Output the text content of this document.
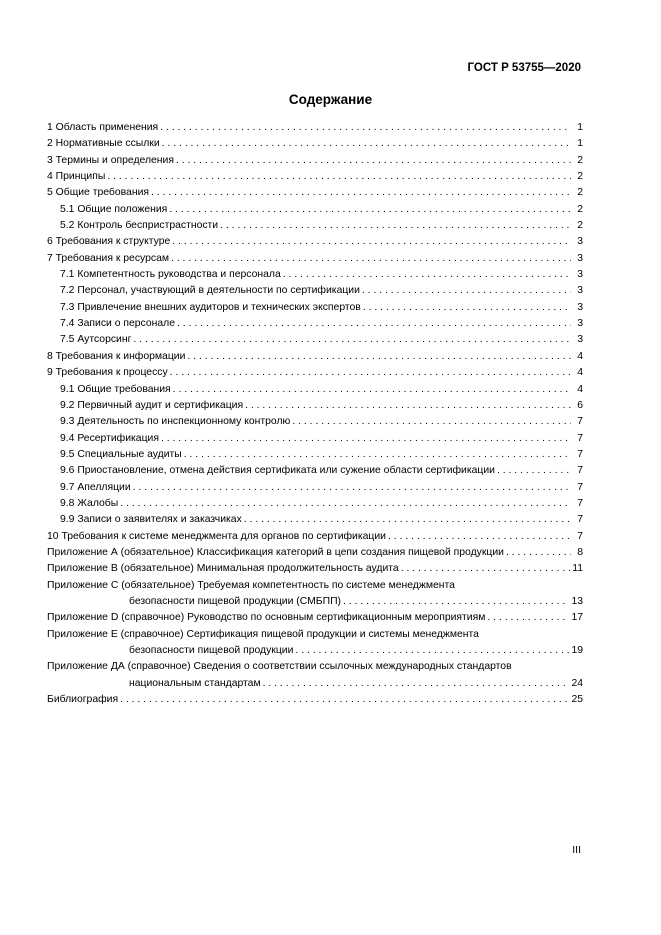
ГОСТ Р 53755—2020
Содержание
1 Область применения . . .	1
2 Нормативные ссылки . . .	1
3 Термины и определения . . .	2
4 Принципы . . .	2
5 Общие требования . . .	2
5.1 Общие положения . . .	2
5.2 Контроль беспристрастности . . .	2
6 Требования к структуре . . .	3
7 Требования к ресурсам . . .	3
7.1 Компетентность руководства и персонала . . .	3
7.2 Персонал, участвующий в деятельности по сертификации . . .	3
7.3 Привлечение внешних аудиторов и технических экспертов . . .	3
7.4 Записи о персонале . . .	3
7.5 Аутсорсинг . . .	3
8 Требования к информации . . .	4
9 Требования к процессу . . .	4
9.1 Общие требования . . .	4
9.2 Первичный аудит и сертификация . . .	6
9.3 Деятельность по инспекционному контролю . . .	7
9.4 Ресертификация . . .	7
9.5 Специальные аудиты . . .	7
9.6 Приостановление, отмена действия сертификата или сужение области сертификации . . .	7
9.7 Апелляции . . .	7
9.8 Жалобы . . .	7
9.9 Записи о заявителях и заказчиках . . .	7
10 Требования к системе менеджмента для органов по сертификации . . .	7
Приложение А (обязательное) Классификация категорий в цепи создания пищевой продукции . . .	8
Приложение В (обязательное) Минимальная продолжительность аудита . . .	11
Приложение С (обязательное) Требуемая компетентность по системе менеджмента
безопасности пищевой продукции (СМБПП) . . .	13
Приложение D (справочное) Руководство по основным сертификационным мероприятиям . . .	17
Приложение Е (справочное) Сертификация пищевой продукции и системы менеджмента
безопасности пищевой продукции . . .	19
Приложение ДА (справочное) Сведения о соответствии ссылочных международных стандартов
национальным стандартам . . .	24
Библиография . . .	25
III
